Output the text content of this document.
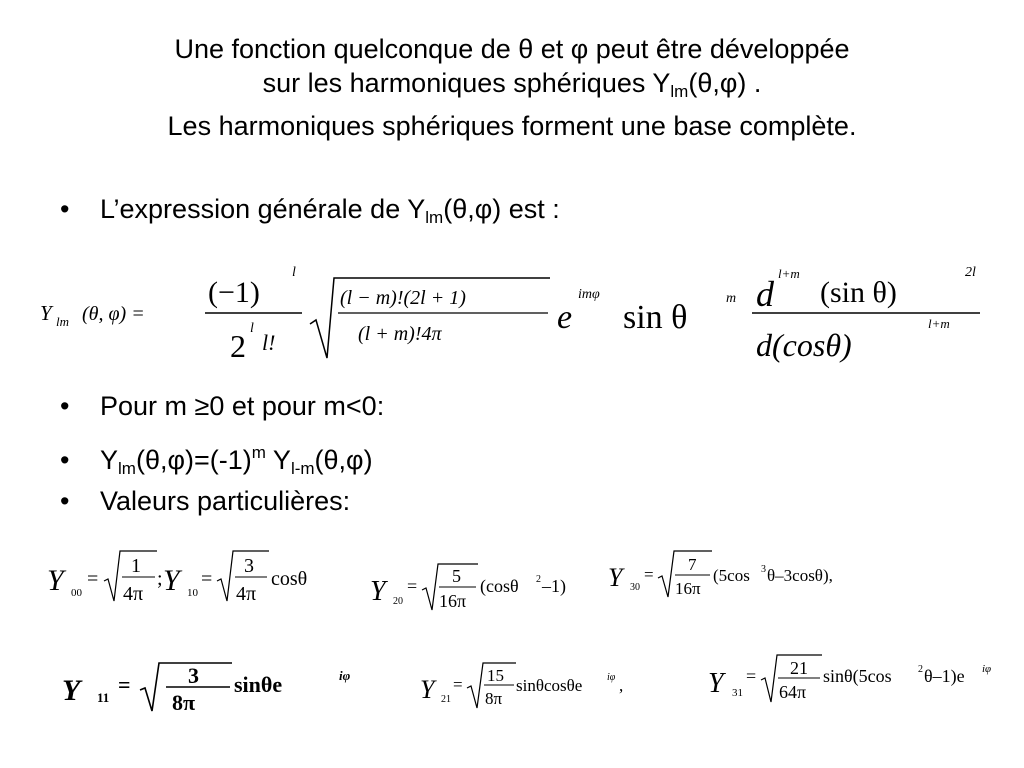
Une fonction quelconque de θ et φ peut être développée
sur les harmoniques sphériques $Y_{lm}(\theta,\varphi)$ .
Les harmoniques sphériques forment une base complète.
• L’expression générale de $Y_{lm}(\theta,\varphi)$ est :
Y lm (θ, φ) =
(−1)
l
2 l
l!
(l − m)!(2l + 1)
(l + m)!4π	e
imφ
sin θ
m d
l+m
(sin θ)
2l
d(cosθ)
l+m
• Pour m ≥0 et pour m<0:
• $Y_{lm}(\theta,\varphi)=(-1)^m$ $Y_{l-m}(\theta,\varphi)$
• Valeurs particulières:
Y 00
=
1
4π
; Y 10
=
3
4π
cosθ Y 20
= 5
16π
(cosθ 2 –1) Y 30
=
7
16π
(5cos 3 θ–3cosθ),
Y 11
=	3
8π
sinθe	iφ	Y 21
= 15
8π
sinθcosθe iφ ,	Y 31
= 21
64π
sinθ(5cos	2 θ–1)e iφ
